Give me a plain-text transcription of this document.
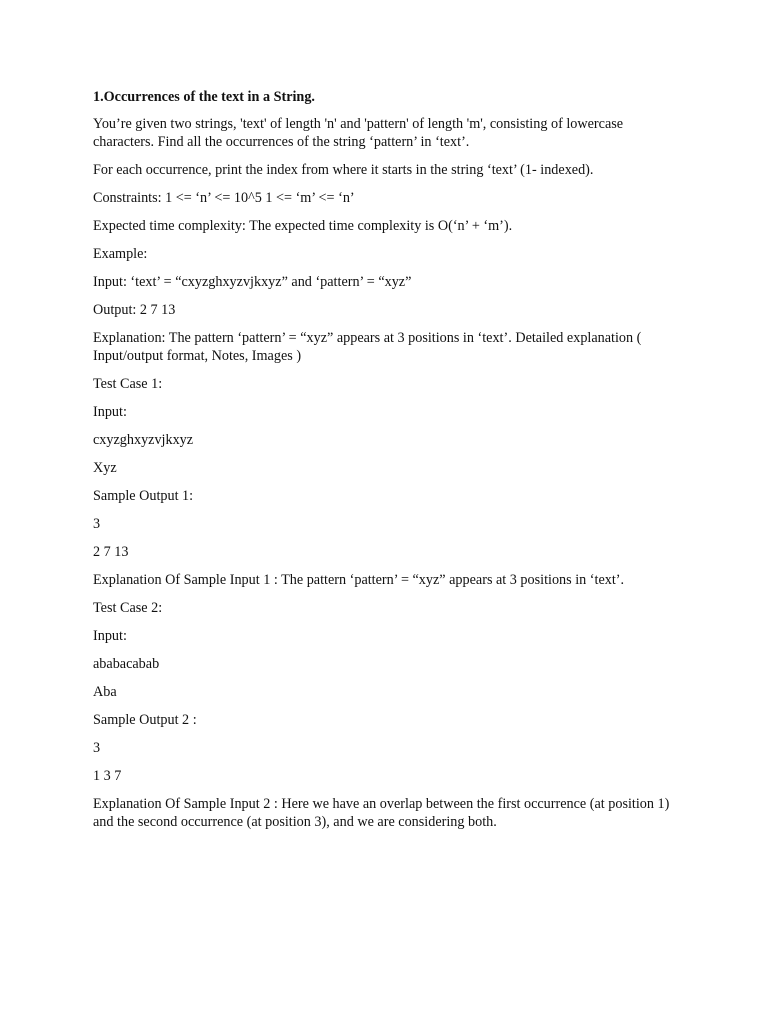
1.Occurrences of the text in a String.

You’re given two strings, 'text' of length 'n' and 'pattern' of length 'm', consisting of lowercase characters. Find all the occurrences of the string ‘pattern’ in ‘text’.

For each occurrence, print the index from where it starts in the string ‘text’ (1- indexed).

Constraints: 1 <= ‘n’ <= 10^5 1 <= ‘m’ <= ‘n’

Expected time complexity: The expected time complexity is O(‘n’ + ‘m’).

Example:

Input: ‘text’ = “cxyzghxyzvjkxyz” and ‘pattern’ = “xyz”

Output: 2 7 13

Explanation: The pattern ‘pattern’ = “xyz” appears at 3 positions in ‘text’. Detailed explanation ( Input/output format, Notes, Images )

Test Case 1:

Input:

cxyzghxyzvjkxyz

Xyz

Sample Output 1:

3

2 7 13

Explanation Of Sample Input 1 : The pattern ‘pattern’ = “xyz” appears at 3 positions in ‘text’.

Test Case 2:

Input:

ababacabab

Aba

Sample Output 2 :

3

1 3 7

Explanation Of Sample Input 2 : Here we have an overlap between the first occurrence (at position 1) and the second occurrence (at position 3), and we are considering both.
